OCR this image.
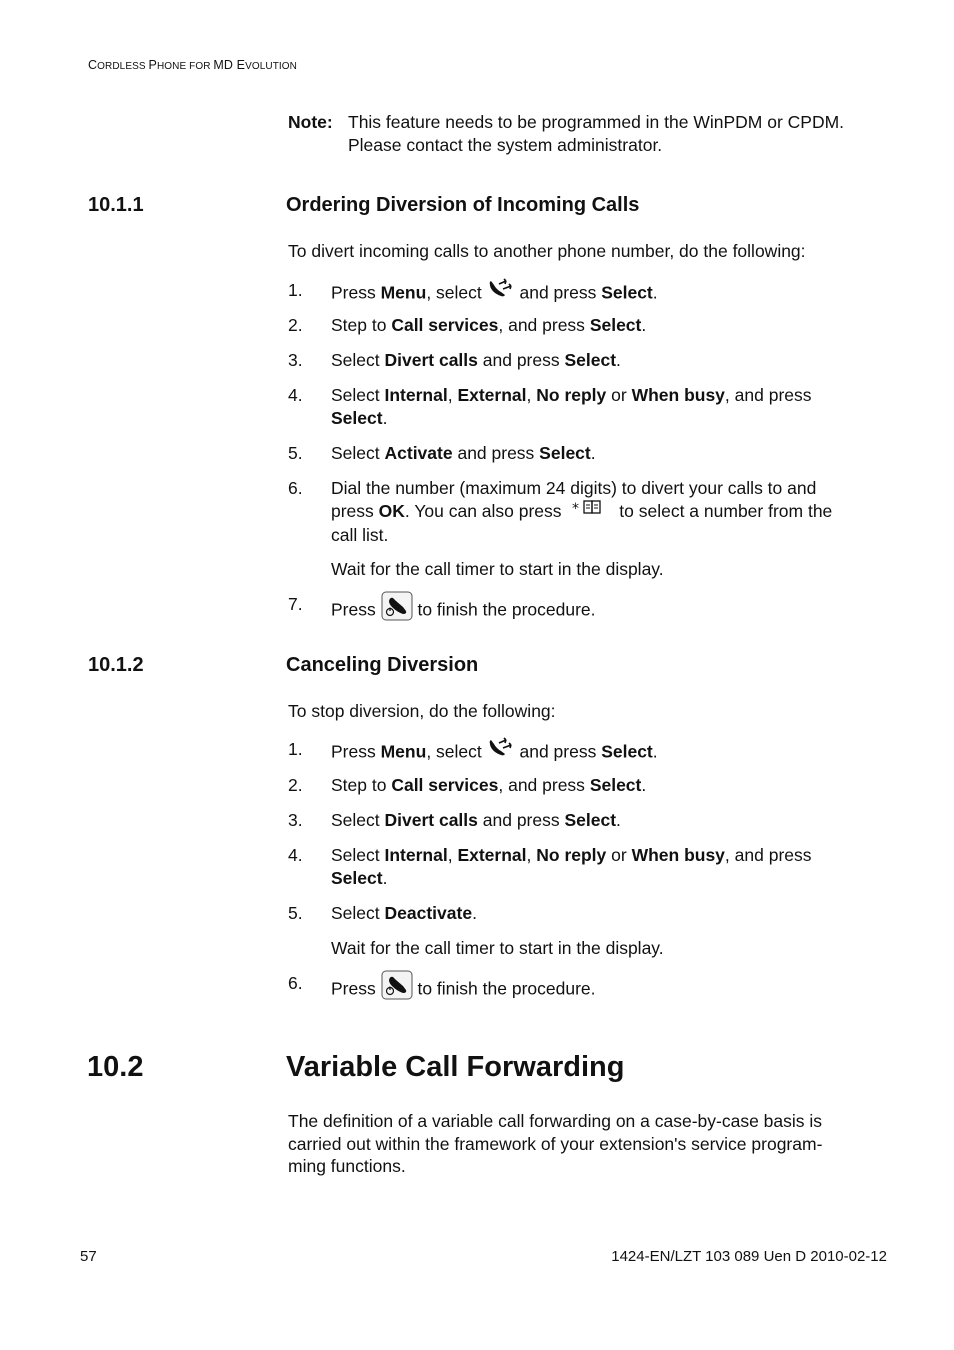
CORDLESS PHONE FOR MD EVOLUTION
Note: This feature needs to be programmed in the WinPDM or CPDM.
Please contact the system administrator.
10.1.1	Ordering Diversion of Incoming Calls
To divert incoming calls to another phone number, do the following:
1. Press Menu, select  and press Select.
2. Step to Call services, and press Select.
3. Select Divert calls and press Select.
4. Select Internal, External, No reply or When busy, and press
Select.
5. Select Activate and press Select.
6. Dial the number (maximum 24 digits) to divert your calls to and
press OK. You can also press * to select a number from the
call list.
Wait for the call timer to start in the display.
7. Press  to finish the procedure.
10.1.2	Canceling Diversion
To stop diversion, do the following:
1. Press Menu, select  and press Select.
2. Step to Call services, and press Select.
3. Select Divert calls and press Select.
4. Select Internal, External, No reply or When busy, and press
Select.
5. Select Deactivate.
Wait for the call timer to start in the display.
6. Press  to finish the procedure.
10.2	Variable Call Forwarding
The definition of a variable call forwarding on a case-by-case basis is
carried out within the framework of your extension's service program-
ming functions.
57	1424-EN/LZT 103 089 Uen D 2010-02-12
